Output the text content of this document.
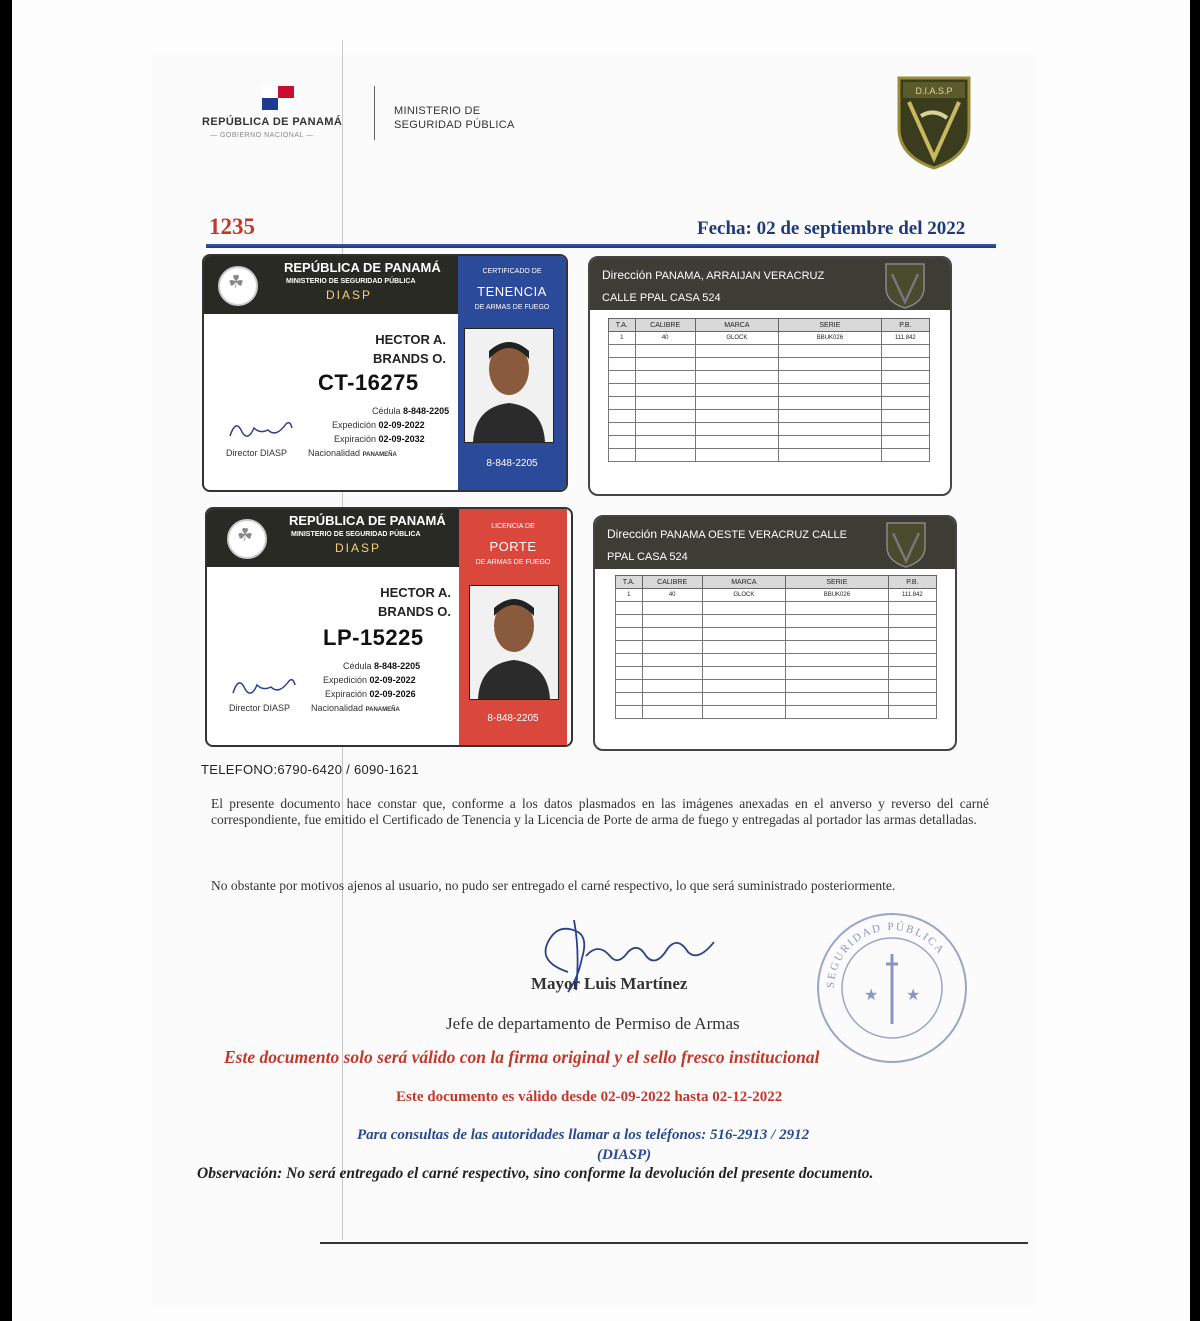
REPÚBLICA DE PANAMÁ
— GOBIERNO NACIONAL —
MINISTERIO DE
SEGURIDAD PÚBLICA
D.I.A.S.P
1235	Fecha: 02 de septiembre del 2022
☘
REPÚBLICA DE PANAMÁ
MINISTERIO DE SEGURIDAD PÚBLICA
DIASP
CERTIFICADO DE
TENENCIA
DE ARMAS DE FUEGO
8-848-2205
HECTOR A.
BRANDS O.
CT-16275
Cédula 8-848-2205
Expedición 02-09-2022
Expiración 02-09-2032
Nacionalidad PANAMEÑA
Director DIASP
Dirección PANAMA, ARRAIJAN VERACRUZ
CALLE PPAL CASA 524
T.A.	CALIBRE	MARCA	SERIE	P.B.
1	40	GLOCK	BBUK026	111.842

☘
REPÚBLICA DE PANAMÁ
MINISTERIO DE SEGURIDAD PÚBLICA
DIASP
LICENCIA DE
PORTE
DE ARMAS DE FUEGO
8-848-2205
HECTOR A.
BRANDS O.
LP-15225
Cédula 8-848-2205
Expedición 02-09-2022
Expiración 02-09-2026
Nacionalidad PANAMEÑA
Director DIASP
Dirección PANAMA OESTE VERACRUZ CALLE
PPAL CASA 524
T.A.	CALIBRE	MARCA	SERIE	P.B.
1	40	GLOCK	BBUK026	111.842

TELEFONO:6790-6420 / 6090-1621
El presente documento hace constar que, conforme a los datos plasmados en las imágenes anexadas en el anverso y reverso del carné correspondiente, fue emitido el Certificado de Tenencia y la Licencia de Porte de arma de fuego y entregadas al portador las armas detalladas.
No obstante por motivos ajenos al usuario, no pudo ser entregado el carné respectivo, lo que será suministrado posteriormente.
Mayor Luis Martínez
Jefe de departamento de Permiso de Armas
SEGURIDAD PÚBLICA
★ ★
Este documento solo será válido con la firma original y el sello fresco institucional
Este documento es válido desde 02-09-2022 hasta 02-12-2022
Para consultas de las autoridades llamar a los teléfonos: 516-2913 / 2912
(DIASP)
Observación: No será entregado el carné respectivo, sino conforme la devolución del presente documento.
